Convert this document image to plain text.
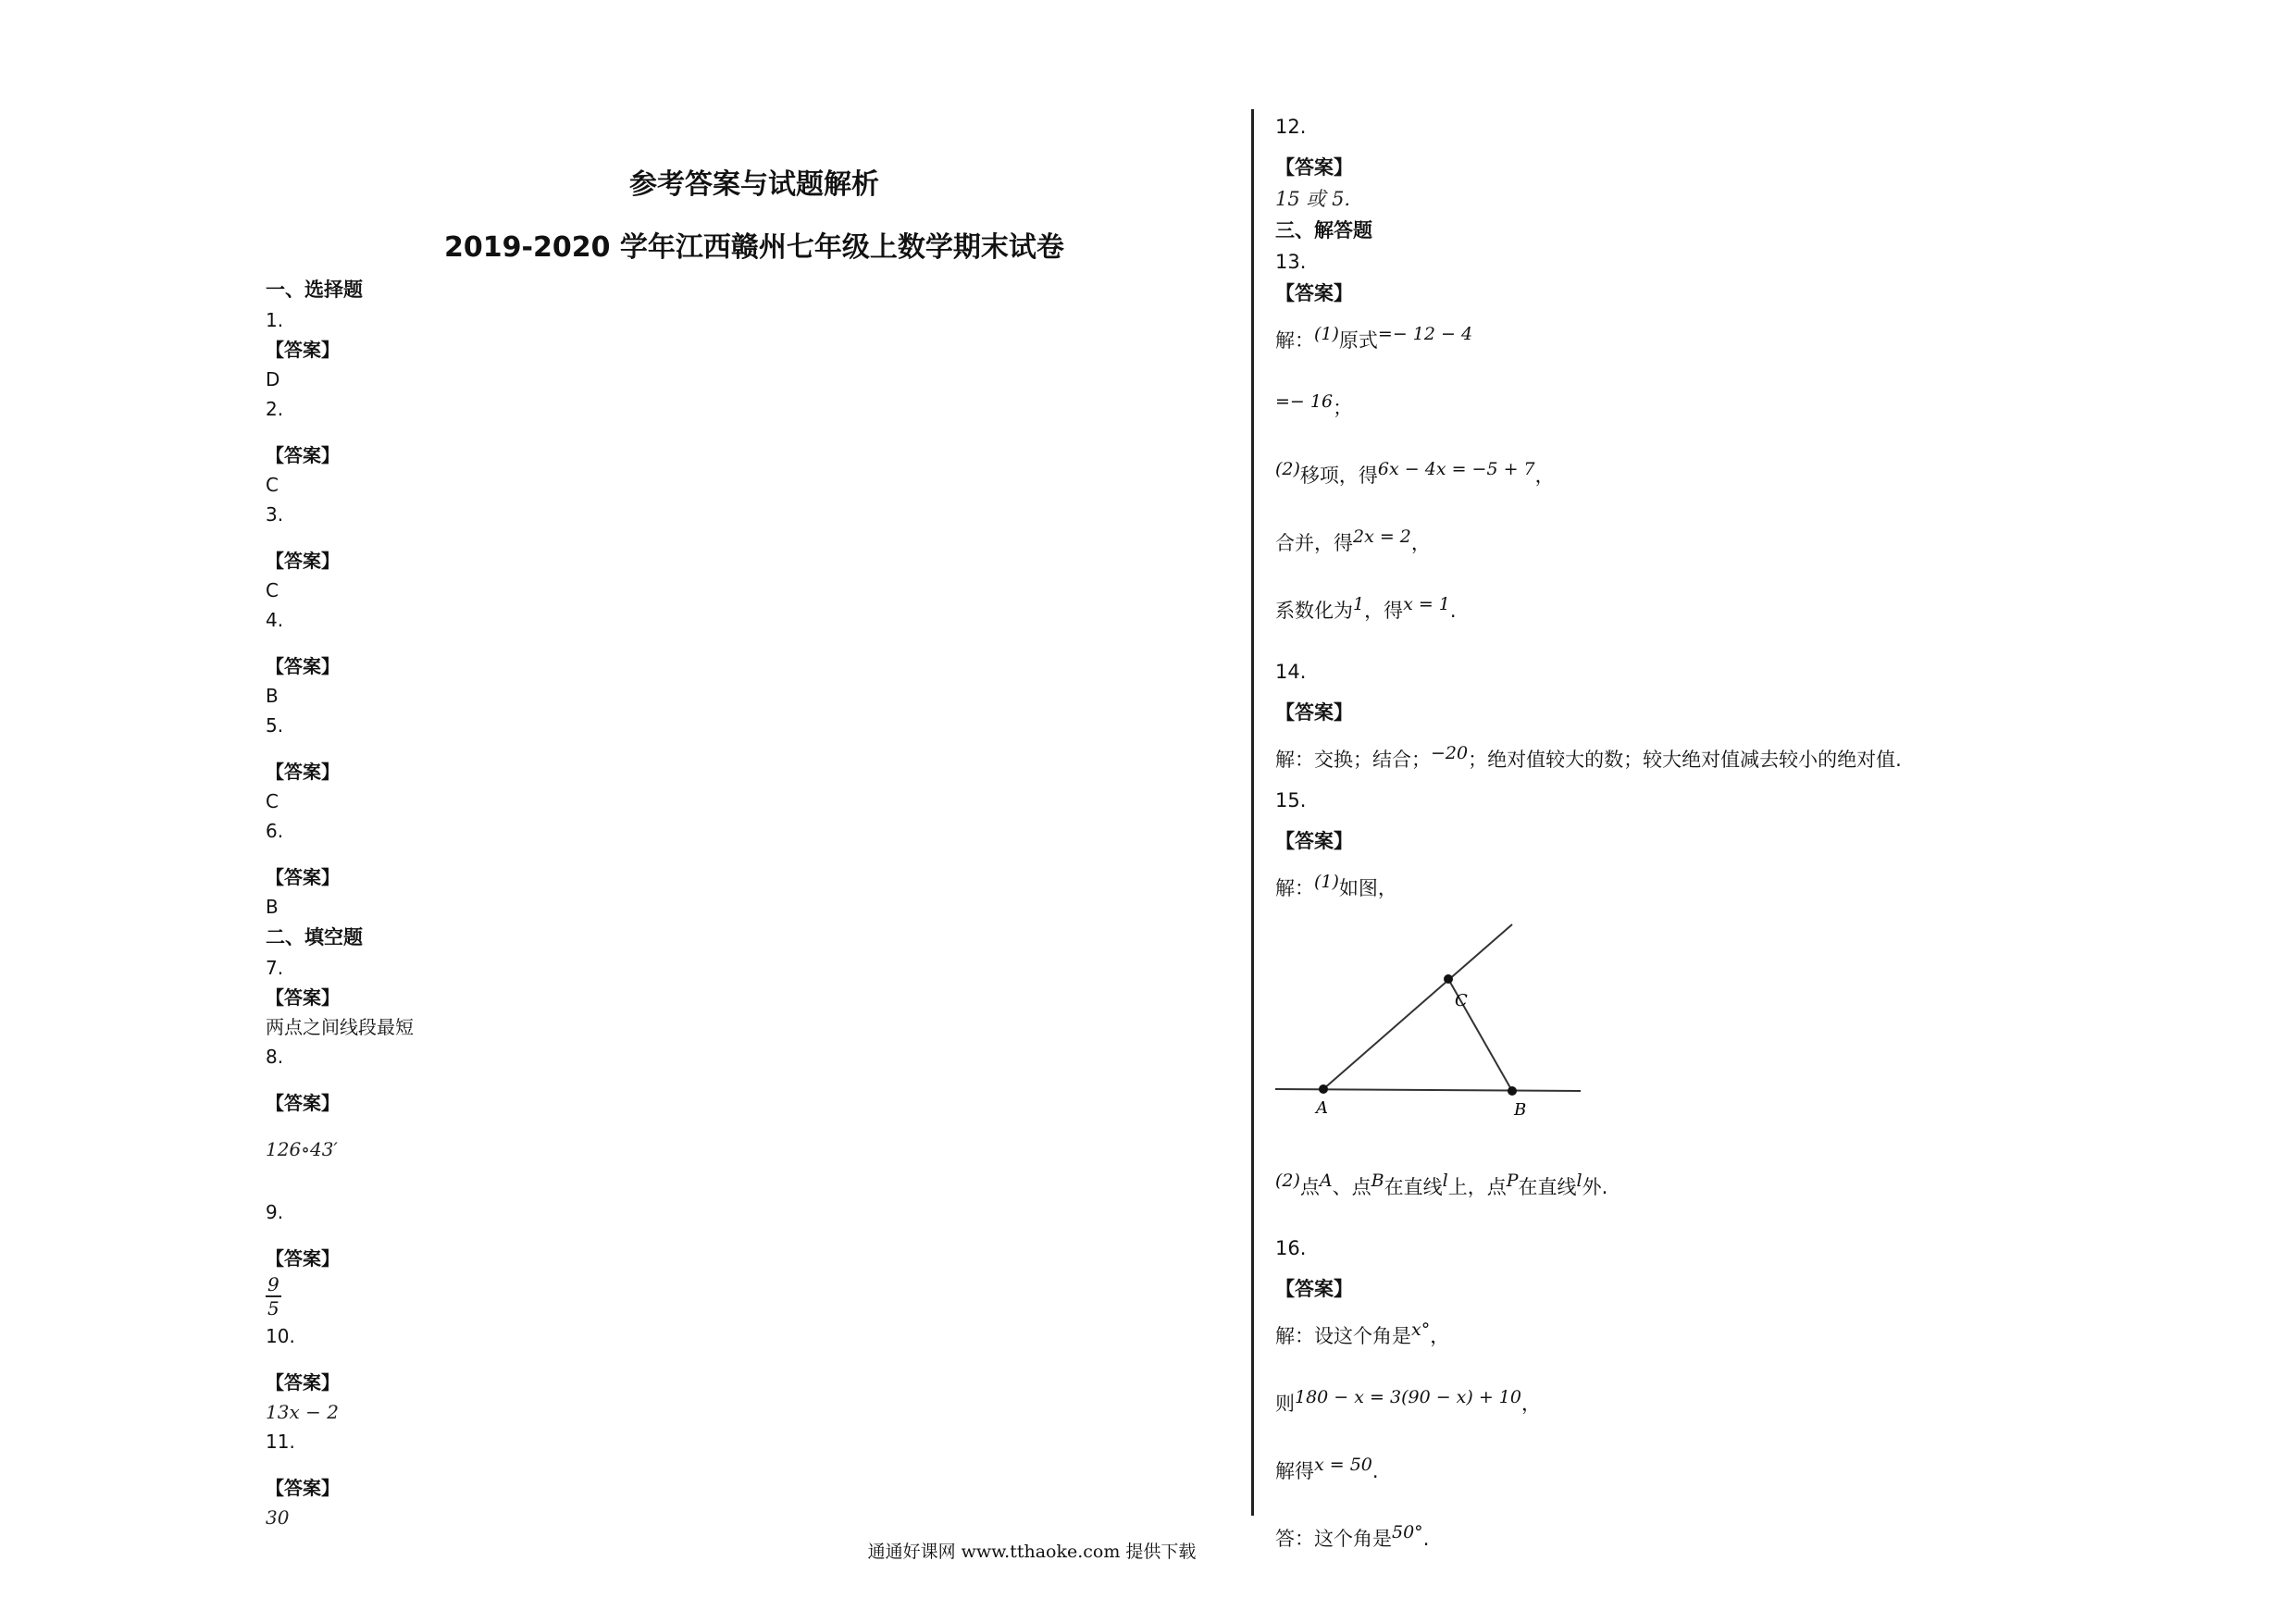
参考答案与试题解析
2019-2020 学年江西赣州七年级上数学期末试卷
一、选择题
1.
【答案】
D
2.
【答案】
C
3.
【答案】
C
4.
【答案】
B
5.
【答案】
C
6.
【答案】
B
二、填空题
7.
【答案】
两点之间线段最短
8.
【答案】
126∘43′
9.
【答案】
$\frac{9}{5}$
10.
【答案】
13x − 2
11.
【答案】
30
12.
【答案】
15 或 5.
三、解答题
13.
【答案】
解：(1)原式=− 12 − 4
=− 16；
(2)移项，得6x − 4x = −5 + 7，
合并，得2x = 2，
系数化为1，得x = 1.
14.
【答案】
解：交换；结合；−20；绝对值较大的数；较大绝对值减去较小的绝对值.
15.
【答案】
解：(1)如图，
A
C
B
(2)点A、点B在直线l上，点P在直线l外.
16.
【答案】
解：设这个角是x°，
则180 − x = 3(90 − x) + 10，
解得x = 50.
答：这个角是50°.
通通好课网 www.tthaoke.com 提供下载
